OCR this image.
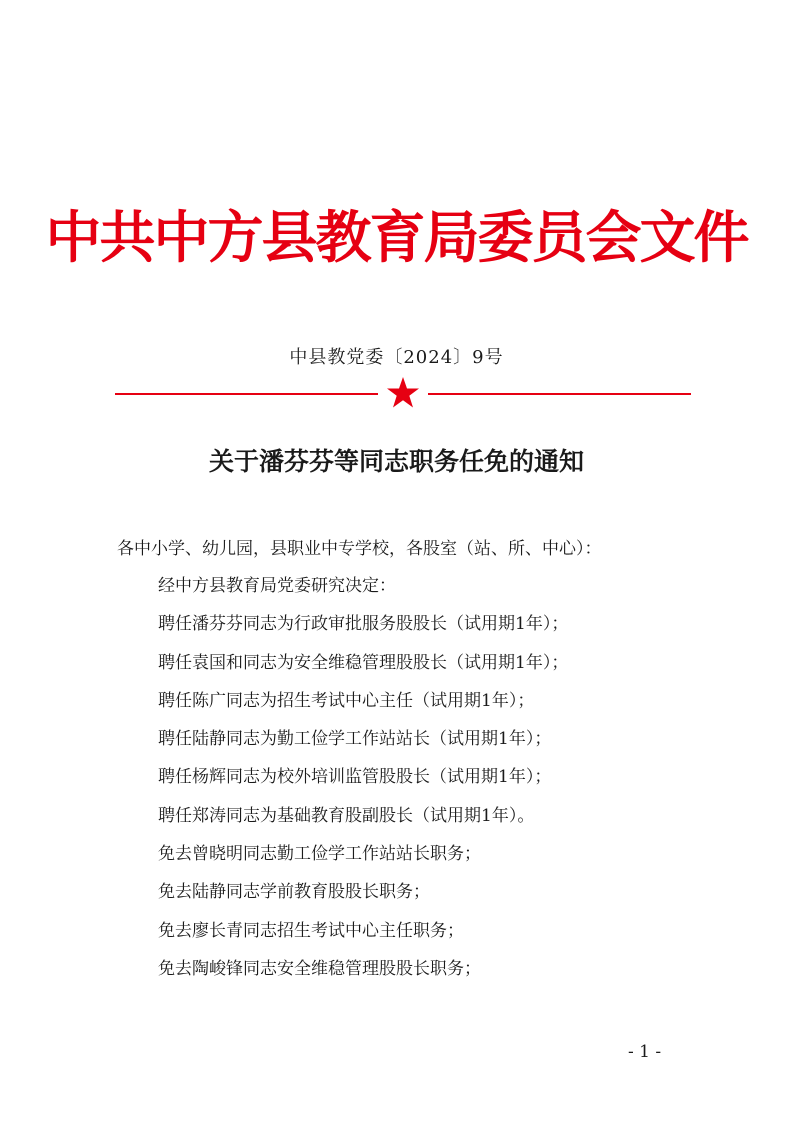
中共中方县教育局委员会文件
中县教党委〔2024〕9号
关于潘芬芬等同志职务任免的通知
各中小学、幼儿园，县职业中专学校，各股室（站、所、中心）：
经中方县教育局党委研究决定：
聘任潘芬芬同志为行政审批服务股股长（试用期1年）；
聘任袁国和同志为安全维稳管理股股长（试用期1年）；
聘任陈广同志为招生考试中心主任（试用期1年）；
聘任陆静同志为勤工俭学工作站站长（试用期1年）；
聘任杨辉同志为校外培训监管股股长（试用期1年）；
聘任郑涛同志为基础教育股副股长（试用期1年）。
免去曾晓明同志勤工俭学工作站站长职务；
免去陆静同志学前教育股股长职务；
免去廖长青同志招生考试中心主任职务；
免去陶峻锋同志安全维稳管理股股长职务；
- 1 -
